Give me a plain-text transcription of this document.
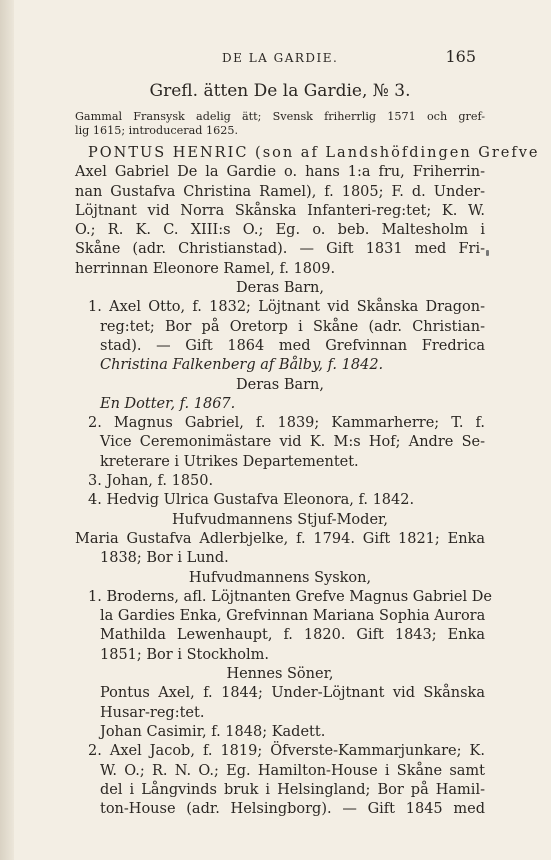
DE LA GARDIE.	165
Grefl. ätten De la Gardie, № 3.
Gammal Fransysk adelig ätt; Svensk friherrlig 1571 och gref-
lig 1615; introducerad 1625.
PONTUS HENRIC (son af Landshöfdingen Grefve
Axel Gabriel De la Gardie o. hans 1:a fru, Friherrin-
nan Gustafva Christina Ramel), f. 1805; F. d. Under-
Löjtnant vid Norra Skånska Infanteri-reg:tet; K. W.
O.; R. K. C. XIII:s O.; Eg. o. beb. Maltesholm i
Skåne (adr. Christianstad). — Gift 1831 med Fri-
herrinnan Eleonore Ramel, f. 1809.
Deras Barn,
1. Axel Otto, f. 1832; Löjtnant vid Skånska Dragon-
reg:tet; Bor på Oretorp i Skåne (adr. Christian-
stad). — Gift 1864 med Grefvinnan Fredrica
Christina Falkenberg af Bålby, f. 1842.
Deras Barn,
En Dotter, f. 1867.
2. Magnus Gabriel, f. 1839; Kammarherre; T. f.
Vice Ceremonimästare vid K. M:s Hof; Andre Se-
kreterare i Utrikes Departementet.
3. Johan, f. 1850.
4. Hedvig Ulrica Gustafva Eleonora, f. 1842.
Hufvudmannens Stjuf-Moder,
Maria Gustafva Adlerbjelke, f. 1794. Gift 1821; Enka
1838; Bor i Lund.
Hufvudmannens Syskon,
1. Broderns, afl. Löjtnanten Grefve Magnus Gabriel De
la Gardies Enka, Grefvinnan Mariana Sophia Aurora
Mathilda Lewenhaupt, f. 1820. Gift 1843; Enka
1851; Bor i Stockholm.
Hennes Söner,
Pontus Axel, f. 1844; Under-Löjtnant vid Skånska
Husar-reg:tet.
Johan Casimir, f. 1848; Kadett.
2. Axel Jacob, f. 1819; Öfverste-Kammarjunkare; K.
W. O.; R. N. O.; Eg. Hamilton-House i Skåne samt
del i Långvinds bruk i Helsingland; Bor på Hamil-
ton-House (adr. Helsingborg). — Gift 1845 med
